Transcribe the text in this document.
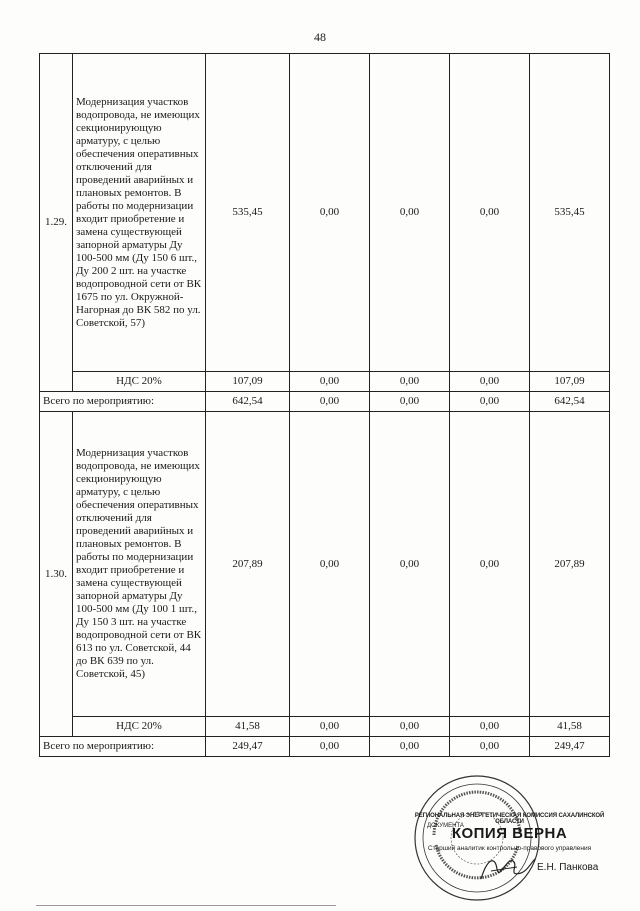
48
1.29.	Модернизация участков водопровода, не имеющих секционирующую арматуру, с целью обеспечения оперативных отключений для проведений аварийных и плановых ремонтов. В работы по модернизации входит приобретение и замена существующей запорной арматуры Ду 100-500 мм (Ду 150 6 шт., Ду 200 2 шт. на участке водопроводной сети от ВК 1675 по ул. Окружной-Нагорная до ВК 582 по ул. Советской, 57)	535,45	0,00	0,00	0,00	535,45
	НДС 20%	107,09	0,00	0,00	0,00	107,09
Всего по мероприятию:		642,54	0,00	0,00	0,00	642,54
1.30.	Модернизация участков водопровода, не имеющих секционирующую арматуру, с целью обеспечения оперативных отключений для проведений аварийных и плановых ремонтов. В работы по модернизации входит приобретение и замена существующей запорной арматуры Ду 100-500 мм (Ду 100 1 шт., Ду 150 3 шт. на участке водопроводной сети от ВК 613 по ул. Советской, 44 до ВК 639 по ул. Советской, 45)	207,89	0,00	0,00	0,00	207,89
	НДС 20%	41,58	0,00	0,00	0,00	41,58
Всего по мероприятию:		249,47	0,00	0,00	0,00	249,47
РЕГИОНАЛЬНАЯ ЭНЕРГЕТИЧЕСКАЯ КОМИССИЯ САХАЛИНСКОЙ ОБЛАСТИ
ДОКУМЕНТА
КОПИЯ ВЕРНА
Старший аналитик контрольно-правового управления
Е.Н. Панкова
